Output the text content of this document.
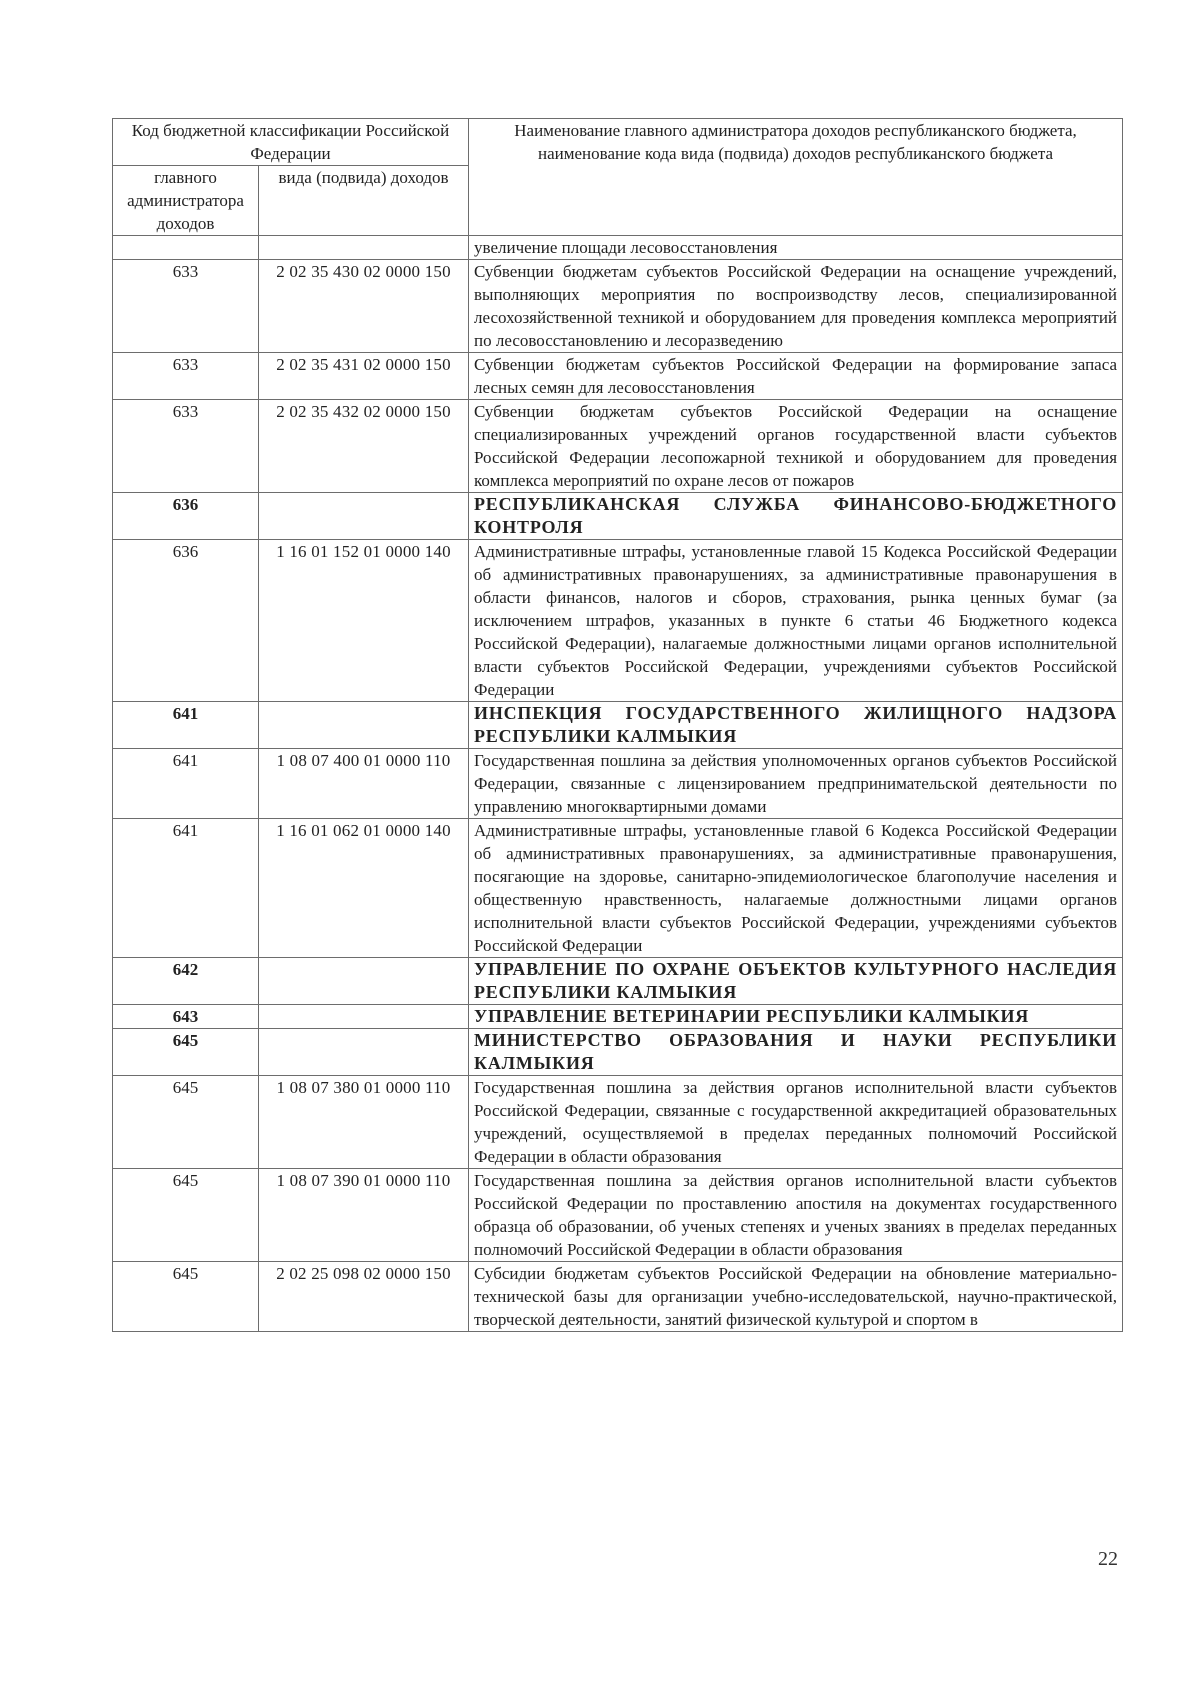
Код бюджетной классификации Российской Федерации		Наименование главного администратора доходов республиканского бюджета, наименование кода вида (подвида) доходов республиканского бюджета
главного администратора доходов	вида (подвида) доходов	
		увеличение площади лесовосстановления
633	2 02 35 430 02 0000 150	Субвенции бюджетам субъектов Российской Федерации на оснащение учреждений, выполняющих мероприятия по воспроизводству лесов, специализированной лесохозяйственной техникой и оборудованием для проведения комплекса мероприятий по лесовосстановлению и лесоразведению
633	2 02 35 431 02 0000 150	Субвенции бюджетам субъектов Российской Федерации на формирование запаса лесных семян для лесовосстановления
633	2 02 35 432 02 0000 150	Субвенции бюджетам субъектов Российской Федерации на оснащение специализированных учреждений органов государственной власти субъектов Российской Федерации лесопожарной техникой и оборудованием для проведения комплекса мероприятий по охране лесов от пожаров
636		РЕСПУБЛИКАНСКАЯ СЛУЖБА ФИНАНСОВО-БЮДЖЕТНОГО КОНТРОЛЯ
636	1 16 01 152 01 0000 140	Административные штрафы, установленные главой 15 Кодекса Российской Федерации об административных правонарушениях, за административные правонарушения в области финансов, налогов и сборов, страхования, рынка ценных бумаг (за исключением штрафов, указанных в пункте 6 статьи 46 Бюджетного кодекса Российской Федерации), налагаемые должностными лицами органов исполнительной власти субъектов Российской Федерации, учреждениями субъектов Российской Федерации
641		ИНСПЕКЦИЯ ГОСУДАРСТВЕННОГО ЖИЛИЩНОГО НАДЗОРА РЕСПУБЛИКИ КАЛМЫКИЯ
641	1 08 07 400 01 0000 110	Государственная пошлина за действия уполномоченных органов субъектов Российской Федерации, связанные с лицензированием предпринимательской деятельности по управлению многоквартирными домами
641	1 16 01 062 01 0000 140	Административные штрафы, установленные главой 6 Кодекса Российской Федерации об административных правонарушениях, за административные правонарушения, посягающие на здоровье, санитарно-эпидемиологическое благополучие населения и общественную нравственность, налагаемые должностными лицами органов исполнительной власти субъектов Российской Федерации, учреждениями субъектов Российской Федерации
642		УПРАВЛЕНИЕ ПО ОХРАНЕ ОБЪЕКТОВ КУЛЬТУРНОГО НАСЛЕДИЯ РЕСПУБЛИКИ КАЛМЫКИЯ
643		УПРАВЛЕНИЕ ВЕТЕРИНАРИИ РЕСПУБЛИКИ КАЛМЫКИЯ
645		МИНИСТЕРСТВО ОБРАЗОВАНИЯ И НАУКИ РЕСПУБЛИКИ КАЛМЫКИЯ
645	1 08 07 380 01 0000 110	Государственная пошлина за действия органов исполнительной власти субъектов Российской Федерации, связанные с государственной аккредитацией образовательных учреждений, осуществляемой в пределах переданных полномочий Российской Федерации в области образования
645	1 08 07 390 01 0000 110	Государственная пошлина за действия органов исполнительной власти субъектов Российской Федерации по проставлению апостиля на документах государственного образца об образовании, об ученых степенях и ученых званиях в пределах переданных полномочий Российской Федерации в области образования
645	2 02 25 098 02 0000 150	Субсидии бюджетам субъектов Российской Федерации на обновление материально-технической базы для организации учебно-исследовательской, научно-практической, творческой деятельности, занятий физической культурой и спортом в
22
